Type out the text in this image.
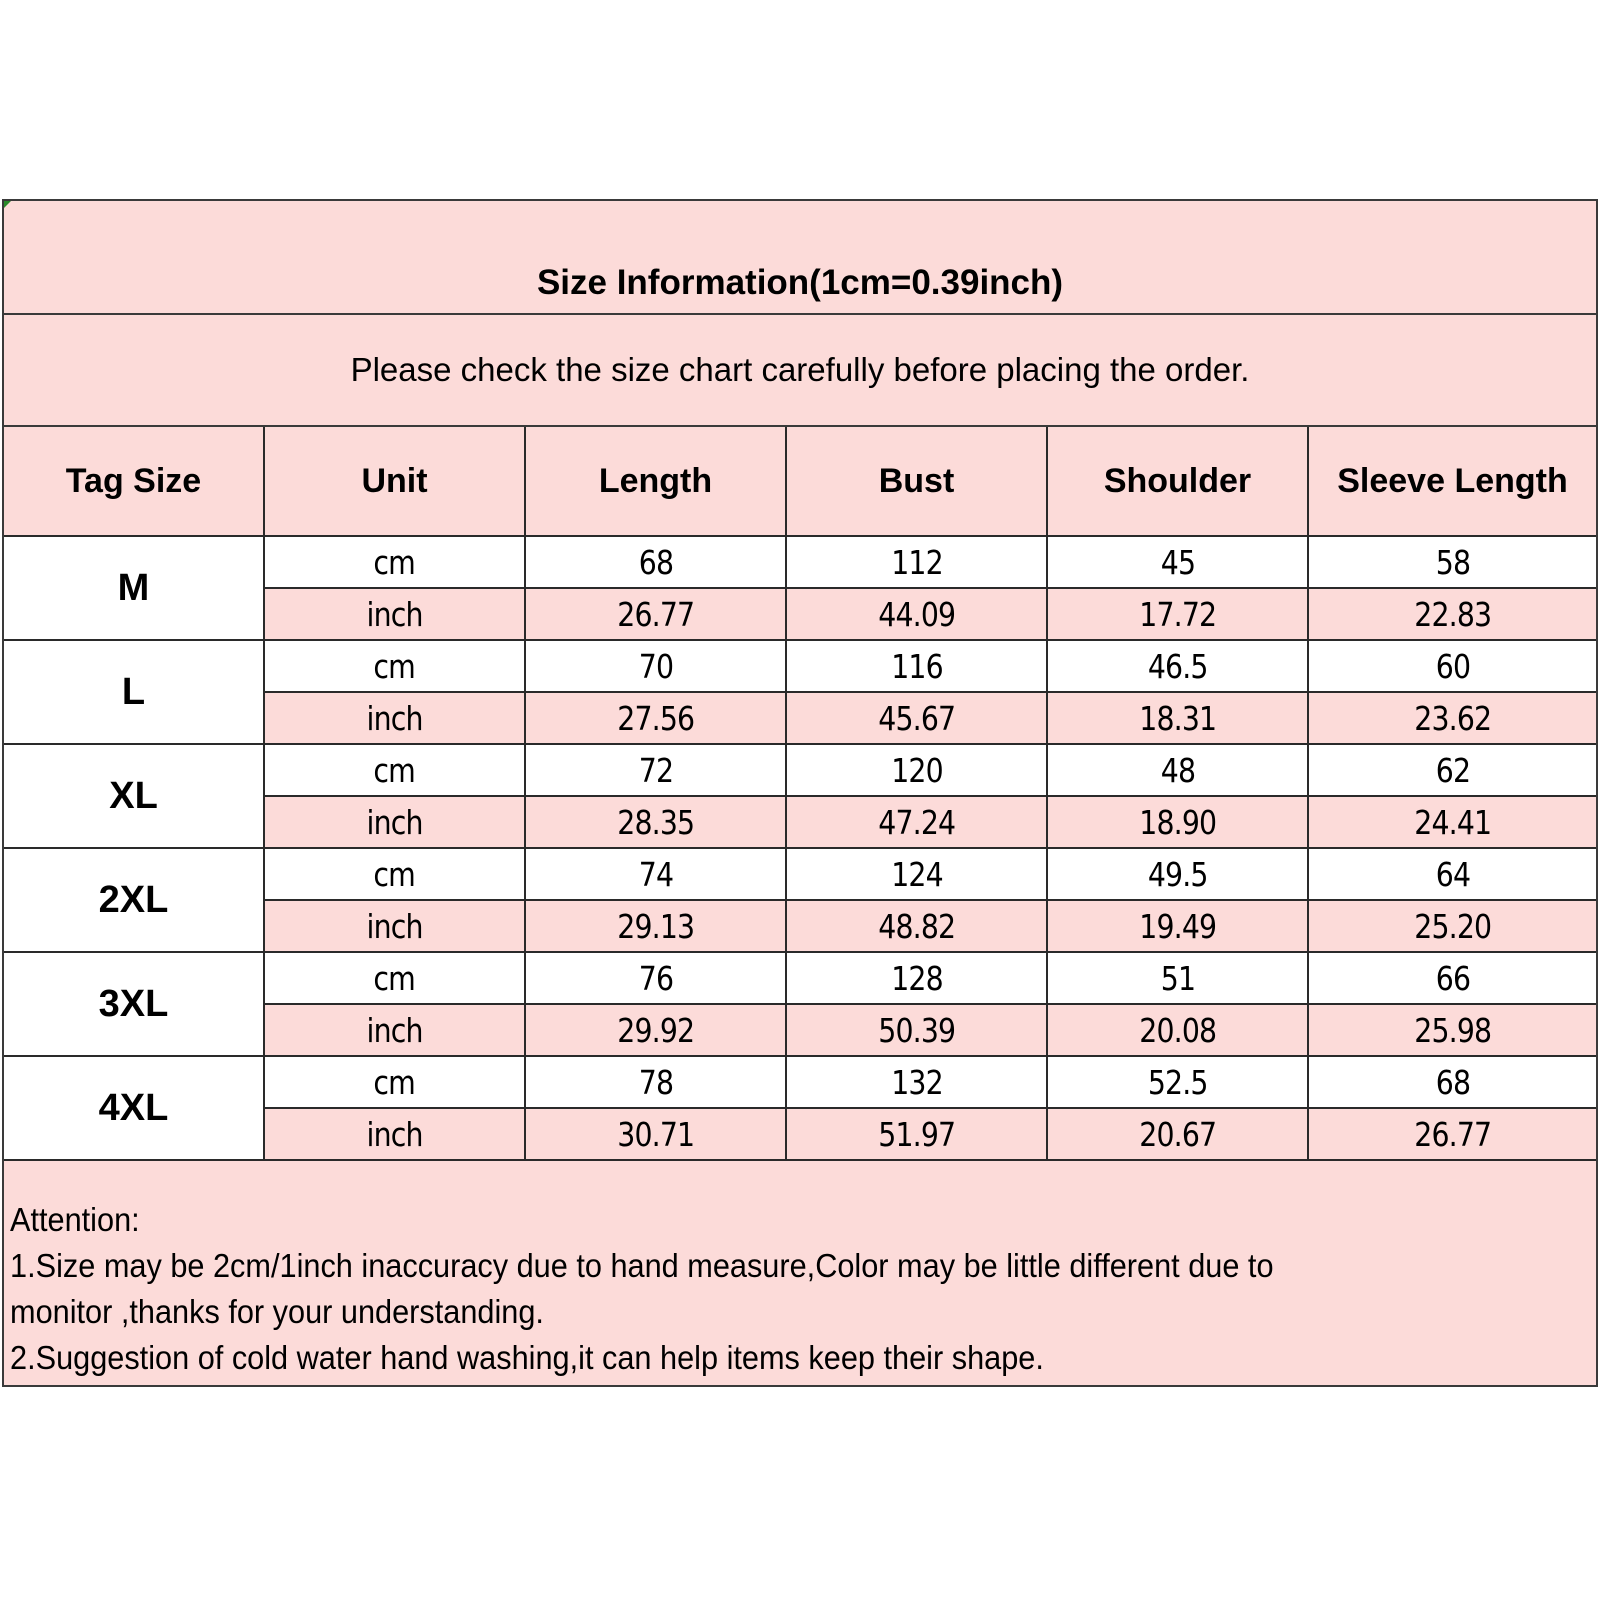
Size Information(1cm=0.39inch)
Please check the size chart carefully before placing the order.
Tag Size	Unit	Length	Bust	Shoulder	Sleeve Length
M	cm	68	112	45	58
	inch	26.77	44.09	17.72	22.83
L	cm	70	116	46.5	60
	inch	27.56	45.67	18.31	23.62
XL	cm	72	120	48	62
	inch	28.35	47.24	18.90	24.41
2XL	cm	74	124	49.5	64
	inch	29.13	48.82	19.49	25.20
3XL	cm	76	128	51	66
	inch	29.92	50.39	20.08	25.98
4XL	cm	78	132	52.5	68
	inch	30.71	51.97	20.67	26.77
Attention:
1.Size may be 2cm/1inch inaccuracy due to hand measure,Color may be little different due to
monitor ,thanks for your understanding.
2.Suggestion of cold water hand washing,it can help items keep their shape.
